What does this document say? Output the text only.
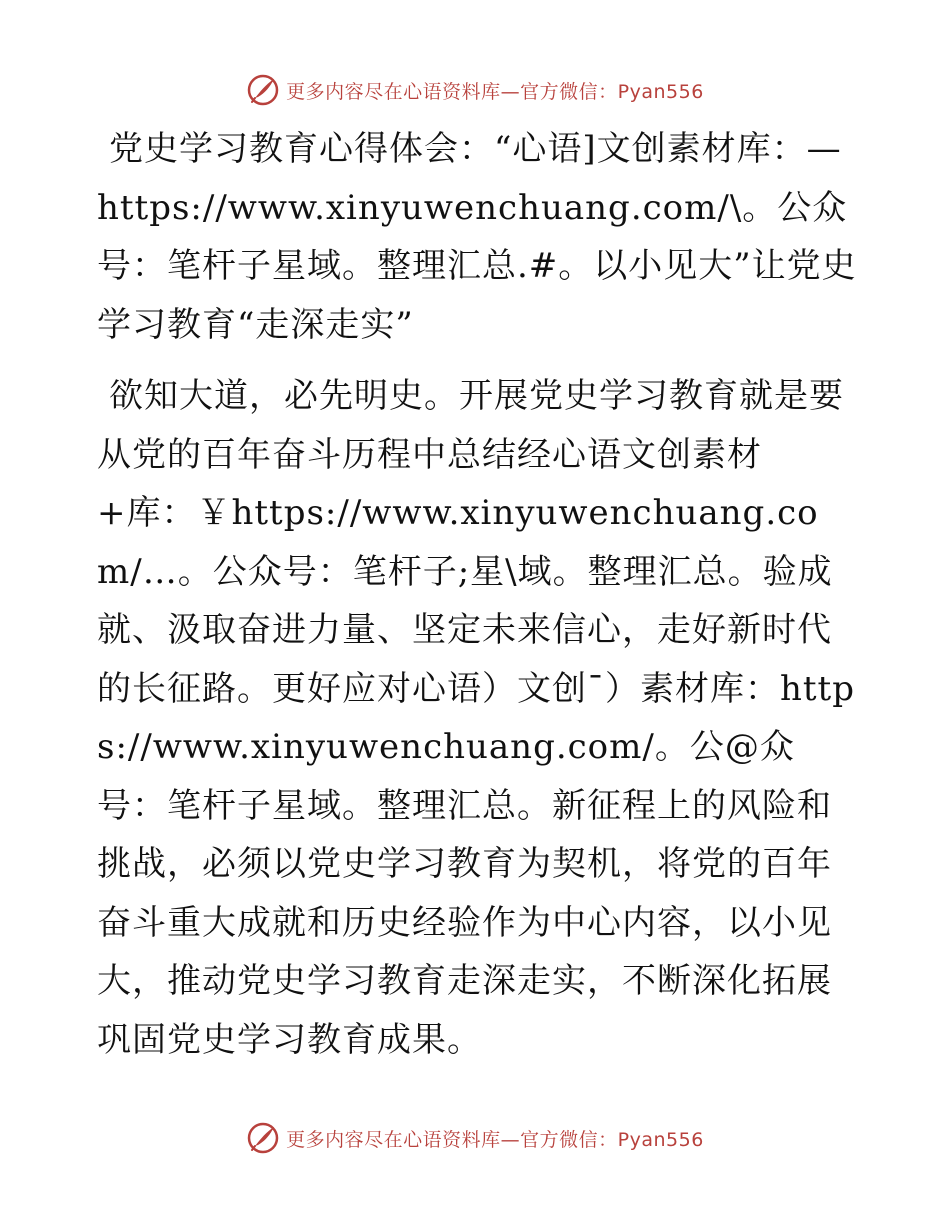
更多内容尽在心语资料库—官方微信：Pyan556

党史学习教育心得体会：“心语]文创素材库：—https://www.xinyuwenchuang.com/\。公众号：笔杆子星域。整理汇总.#。以小见大”让党史学习教育“走深走实”

欲知大道，必先明史。开展党史学习教育就是要从党的百年奋斗历程中总结经心语文创素材+库：￥https://www.xinyuwenchuang.com/…。公众号：笔杆子;星\域。整理汇总。验成就、汲取奋进力量、坚定未来信心，走好新时代的长征路。更好应对心语）文创¯）素材库：https://www.xinyuwenchuang.com/。公@众号：笔杆子星域。整理汇总。新征程上的风险和挑战，必须以党史学习教育为契机，将党的百年奋斗重大成就和历史经验作为中心内容，以小见大，推动党史学习教育走深走实，不断深化拓展巩固党史学习教育成果。

更多内容尽在心语资料库—官方微信：Pyan556
